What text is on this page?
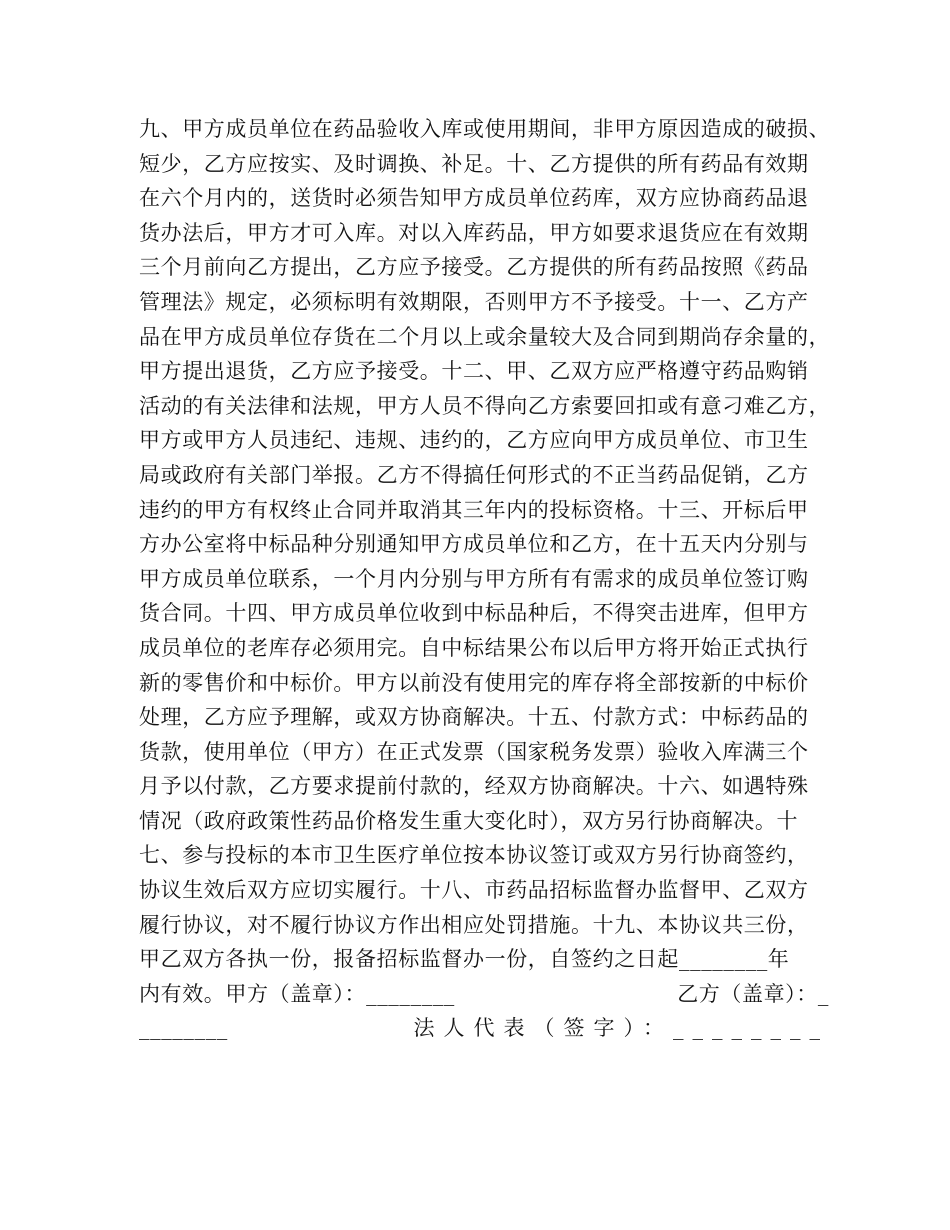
九、甲方成员单位在药品验收入库或使用期间，非甲方原因造成的破损、
短少，乙方应按实、及时调换、补足。十、乙方提供的所有药品有效期
在六个月内的，送货时必须告知甲方成员单位药库，双方应协商药品退
货办法后，甲方才可入库。对以入库药品，甲方如要求退货应在有效期
三个月前向乙方提出，乙方应予接受。乙方提供的所有药品按照《药品
管理法》规定，必须标明有效期限，否则甲方不予接受。十一、乙方产
品在甲方成员单位存货在二个月以上或余量较大及合同到期尚存余量的，
甲方提出退货，乙方应予接受。十二、甲、乙双方应严格遵守药品购销
活动的有关法律和法规，甲方人员不得向乙方索要回扣或有意刁难乙方，
甲方或甲方人员违纪、违规、违约的，乙方应向甲方成员单位、市卫生
局或政府有关部门举报。乙方不得搞任何形式的不正当药品促销，乙方
违约的甲方有权终止合同并取消其三年内的投标资格。十三、开标后甲
方办公室将中标品种分别通知甲方成员单位和乙方，在十五天内分别与
甲方成员单位联系，一个月内分别与甲方所有有需求的成员单位签订购
货合同。十四、甲方成员单位收到中标品种后，不得突击进库，但甲方
成员单位的老库存必须用完。自中标结果公布以后甲方将开始正式执行
新的零售价和中标价。甲方以前没有使用完的库存将全部按新的中标价
处理，乙方应予理解，或双方协商解决。十五、付款方式：中标药品的
货款，使用单位（甲方）在正式发票（国家税务发票）验收入库满三个
月予以付款，乙方要求提前付款的，经双方协商解决。十六、如遇特殊
情况（政府政策性药品价格发生重大变化时），双方另行协商解决。十
七、参与投标的本市卫生医疗单位按本协议签订或双方另行协商签约，
协议生效后双方应切实履行。十八、市药品招标监督办监督甲、乙双方
履行协议，对不履行协议方作出相应处罚措施。十九、本协议共三份，
甲乙双方各执一份，报备招标监督办一份，自签约之日起________年
内有效。甲方（盖章）：________	乙方（盖章）：_
________	法人代表（签字）：________
